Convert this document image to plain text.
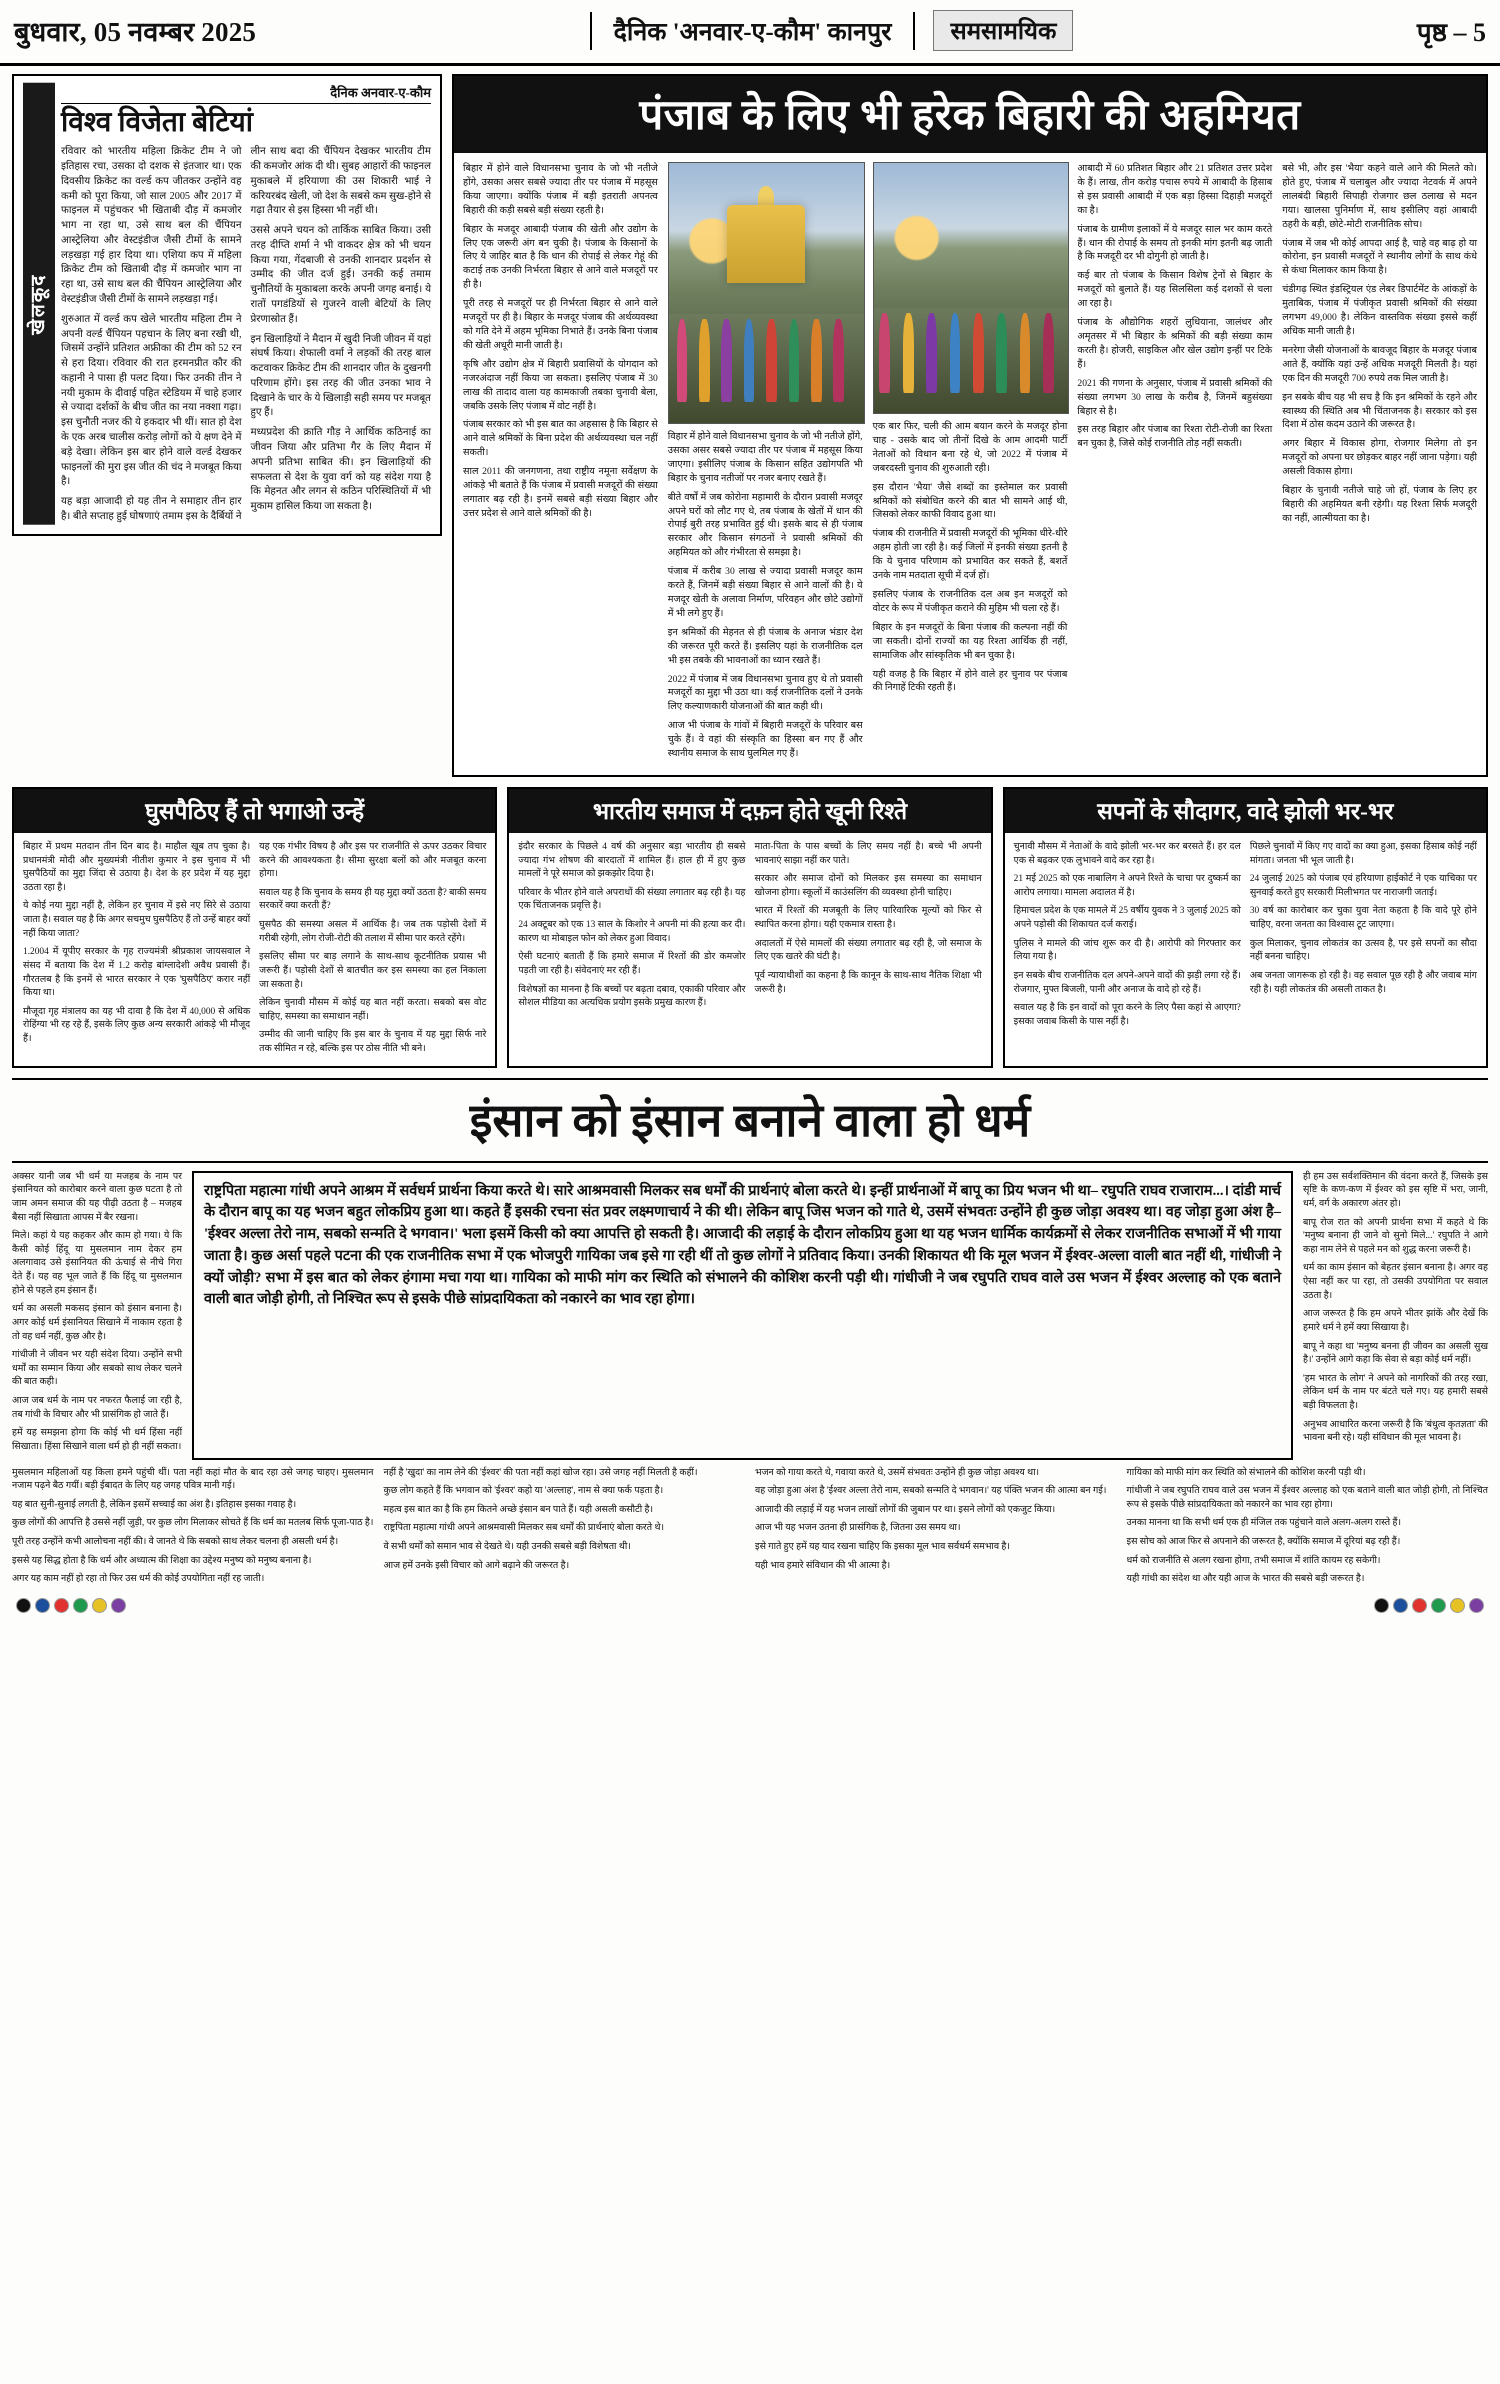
बुधवार, 05 नवम्बर 2025	दैनिक 'अनवार-ए-कौम' कानपुर	समसामयिक	पृष्ठ – 5
खेलकूद
दैनिक अनवार-ए-कौम
विश्व विजेता बेटियां

रविवार को भारतीय महिला क्रिकेट टीम ने जो इतिहास रचा, उसका दो दशक से इंतजार था। एक दिवसीय क्रिकेट का वर्ल्ड कप जीतकर उन्होंने वह कमी को पूरा किया, जो साल 2005 और 2017 में फाइनल में पहुंचकर भी खिताबी दौड़ में कमजोर भाग ना रहा था, उसे साथ बल की चैंपियन आस्ट्रेलिया और वेस्टइंडीज जैसी टीमों के सामने लड़खड़ा गई हार दिया था। एशिया कप में महिला क्रिकेट टीम को खिताबी दौड़ में कमजोर भाग ना रहा था, उसे साथ बल की चैंपियन आस्ट्रेलिया और वेस्टइंडीज जैसी टीमों के सामने लड़खड़ा गई।

शुरुआत में वर्ल्ड कप खेले भारतीय महिला टीम ने अपनी वर्ल्ड चैंपियन पहचान के लिए बना रखी थी, जिसमें उन्होंने प्रतिशत अफ्रीका की टीम को 52 रन से हरा दिया। रविवार की रात हरमनप्रीत कौर की कहानी ने पासा ही पलट दिया। फिर उनकी तीन ने नयी मुकाम के दीवाई पहित स्टेडियम में चाहे हजार से ज्यादा दर्शकों के बीच जीत का नया नक्शा गढ़ा। इस चुनौती नजर की ये हकदार भी थीं। सात हो देश के एक अरब चालीस करोड़ लोगों को ये क्षण देने में बड़े देखा। लेकिन इस बार होने वाले वर्ल्ड देखकर फाइनलों की मुरा इस जीत की चंद ने मजबूत किया है।

यह बड़ा आजादी हो यह तीन ने समाहार तीन हार है। बीते सप्ताह हुई घोषणाएं तमाम इस के दैर्बियों ने लीन साथ बदा की चैंपियन देखकर भारतीय टीम की कमजोर आंक दी थी। सुबह आहारों की फाइनल मुकाबले में हरियाणा की उस शिकारी भाई ने करियरबंद खेली, जो देश के सबसे कम सुख-होने से गढ़ा तैयार से इस हिस्सा भी नहीं थी।

उससे अपने चयन को तार्किक साबित किया। उसी तरह दीप्ति शर्मा ने भी वाकदर क्षेत्र को भी चयन किया गया, गेंदबाजी से उनकी शानदार प्रदर्शन से उम्मीद की जीत दर्ज हुई। उनकी कई तमाम चुनौतियों के मुकाबला करके अपनी जगह बनाई। ये रातों पगडंडियों से गुजरने वाली बेटियों के लिए प्रेरणास्रोत हैं।

इन खिलाड़ियों ने मैदान में खुदी निजी जीवन में यहां संघर्ष किया। शेफाली वर्मा ने लड़कों की तरह बाल कटवाकर क्रिकेट टीम की शानदार जीत के दुखनगी परिणाम होंगे। इस तरह की जीत उनका भाव ने दिखाने के चार के ये खिलाड़ी सही समय पर मजबूत हुए हैं।

मध्यप्रदेश की क्राति गौड़ ने आर्थिक कठिनाई का जीवन जिया और प्रतिभा गैर के लिए मैदान में अपनी प्रतिभा साबित की। इन खिलाड़ियों की सफलता से देश के युवा वर्ग को यह संदेश गया है कि मेहनत और लगन से कठिन परिस्थितियों में भी मुकाम हासिल किया जा सकता है।

पंजाब के लिए भी हरेक बिहारी की अहमियत

बिहार में होने वाले विधानसभा चुनाव के जो भी नतीजे होंगे, उसका असर सबसे ज्यादा तीर पर पंजाब में महसूस किया जाएगा। क्योंकि पंजाब में बड़ी इतराती अपनत्व बिहारी की कड़ी सबसे बड़ी संख्या रहती है।

बिहार के मजदूर आबादी पंजाब की खेती और उद्योग के लिए एक जरूरी अंग बन चुकी है। पंजाब के किसानों के लिए ये जाहिर बात है कि धान की रोपाई से लेकर गेहूं की कटाई तक उनकी निर्भरता बिहार से आने वाले मजदूरों पर ही है।

पूरी तरह से मजदूरों पर ही निर्भरता बिहार से आने वाले मजदूरों पर ही है। बिहार के मजदूर पंजाब की अर्थव्यवस्था को गति देने में अहम भूमिका निभाते हैं। उनके बिना पंजाब की खेती अधूरी मानी जाती है।

कृषि और उद्योग क्षेत्र में बिहारी प्रवासियों के योगदान को नजरअंदाज नहीं किया जा सकता। इसलिए पंजाब में 30 लाख की तादाद वाला यह कामकाजी तबका चुनावी बेला, जबकि उसके लिए पंजाब में वोट नहीं है।

पंजाब सरकार को भी इस बात का अहसास है कि बिहार से आने वाले श्रमिकों के बिना प्रदेश की अर्थव्यवस्था चल नहीं सकती।

साल 2011 की जनगणना, तथा राष्ट्रीय नमूना सर्वेक्षण के आंकड़े भी बताते हैं कि पंजाब में प्रवासी मजदूरों की संख्या लगातार बढ़ रही है। इनमें सबसे बड़ी संख्या बिहार और उत्तर प्रदेश से आने वाले श्रमिकों की है।

विहार में होने वाले विधानसभा चुनाव के जो भी नतीजे होंगे, उसका असर सबसे ज्यादा तीर पर पंजाब में महसूस किया जाएगा। इसीलिए पंजाब के किसान सहित उद्योगपति भी बिहार के चुनाव नतीजों पर नजर बनाए रखते हैं।

बीते वर्षों में जब कोरोना महामारी के दौरान प्रवासी मजदूर अपने घरों को लौट गए थे, तब पंजाब के खेतों में धान की रोपाई बुरी तरह प्रभावित हुई थी। इसके बाद से ही पंजाब सरकार और किसान संगठनों ने प्रवासी श्रमिकों की अहमियत को और गंभीरता से समझा है।

पंजाब में करीब 30 लाख से ज्यादा प्रवासी मजदूर काम करते हैं, जिनमें बड़ी संख्या बिहार से आने वालों की है। ये मजदूर खेती के अलावा निर्माण, परिवहन और छोटे उद्योगों में भी लगे हुए हैं।

इन श्रमिकों की मेहनत से ही पंजाब के अनाज भंडार देश की जरूरत पूरी करते हैं। इसलिए यहां के राजनीतिक दल भी इस तबके की भावनाओं का ध्यान रखते हैं।

2022 में पंजाब में जब विधानसभा चुनाव हुए थे तो प्रवासी मजदूरों का मुद्दा भी उठा था। कई राजनीतिक दलों ने उनके लिए कल्याणकारी योजनाओं की बात कही थी।

आज भी पंजाब के गांवों में बिहारी मजदूरों के परिवार बस चुके हैं। वे वहां की संस्कृति का हिस्सा बन गए हैं और स्थानीय समाज के साथ घुलमिल गए हैं।

एक बार फिर, चली की आम बयान करने के मजदूर होना चाह - उसके बाद जो तीनों दिखे के आम आदमी पार्टी नेताओं को विधान बना रहे थे, जो 2022 में पंजाब में जबरदस्ती चुनाव की शुरुआती रही।

इस दौरान 'भैया' जैसे शब्दों का इस्तेमाल कर प्रवासी श्रमिकों को संबोधित करने की बात भी सामने आई थी, जिसको लेकर काफी विवाद हुआ था।

पंजाब की राजनीति में प्रवासी मजदूरों की भूमिका धीरे-धीरे अहम होती जा रही है। कई जिलों में इनकी संख्या इतनी है कि ये चुनाव परिणाम को प्रभावित कर सकते हैं, बशर्ते उनके नाम मतदाता सूची में दर्ज हों।

इसलिए पंजाब के राजनीतिक दल अब इन मजदूरों को वोटर के रूप में पंजीकृत कराने की मुहिम भी चला रहे हैं।

बिहार के इन मजदूरों के बिना पंजाब की कल्पना नहीं की जा सकती। दोनों राज्यों का यह रिश्ता आर्थिक ही नहीं, सामाजिक और सांस्कृतिक भी बन चुका है।

यही वजह है कि बिहार में होने वाले हर चुनाव पर पंजाब की निगाहें टिकी रहती हैं।

आबादी में 60 प्रतिशत बिहार और 21 प्रतिशत उत्तर प्रदेश के हैं। लाख, तीन करोड़ पचास रुपये में आबादी के हिसाब से इस प्रवासी आबादी में एक बड़ा हिस्सा दिहाड़ी मजदूरों का है।

पंजाब के ग्रामीण इलाकों में ये मजदूर साल भर काम करते हैं। धान की रोपाई के समय तो इनकी मांग इतनी बढ़ जाती है कि मजदूरी दर भी दोगुनी हो जाती है।

कई बार तो पंजाब के किसान विशेष ट्रेनों से बिहार के मजदूरों को बुलाते हैं। यह सिलसिला कई दशकों से चला आ रहा है।

पंजाब के औद्योगिक शहरों लुधियाना, जालंधर और अमृतसर में भी बिहार के श्रमिकों की बड़ी संख्या काम करती है। होजरी, साइकिल और खेल उद्योग इन्हीं पर टिके हैं।

2021 की गणना के अनुसार, पंजाब में प्रवासी श्रमिकों की संख्या लगभग 30 लाख के करीब है, जिनमें बहुसंख्या बिहार से है।

इस तरह बिहार और पंजाब का रिश्ता रोटी-रोजी का रिश्ता बन चुका है, जिसे कोई राजनीति तोड़ नहीं सकती।

बसे भी, और इस 'भैया' कहने वाले आने की मिलते को। होते हुए, पंजाब में चलाबुल और ज्यादा नेटवर्क में अपने लालबंदी बिहारी सिपाही रोजगार छल ठलाख से मदन गया। खालसा पुनिर्माण में, साथ इसीलिए वहां आबादी ठहरी के बड़ी, छोटे-मोटी राजनीतिक सोच।

पंजाब में जब भी कोई आपदा आई है, चाहे वह बाढ़ हो या कोरोना, इन प्रवासी मजदूरों ने स्थानीय लोगों के साथ कंधे से कंधा मिलाकर काम किया है।

चंडीगढ़ स्थित इंडस्ट्रियल एंड लेबर डिपार्टमेंट के आंकड़ों के मुताबिक, पंजाब में पंजीकृत प्रवासी श्रमिकों की संख्या लगभग 49,000 है। लेकिन वास्तविक संख्या इससे कहीं अधिक मानी जाती है।

मनरेगा जैसी योजनाओं के बावजूद बिहार के मजदूर पंजाब आते हैं, क्योंकि यहां उन्हें अधिक मजदूरी मिलती है। यहां एक दिन की मजदूरी 700 रुपये तक मिल जाती है।

इन सबके बीच यह भी सच है कि इन श्रमिकों के रहने और स्वास्थ्य की स्थिति अब भी चिंताजनक है। सरकार को इस दिशा में ठोस कदम उठाने की जरूरत है।

अगर बिहार में विकास होगा, रोजगार मिलेगा तो इन मजदूरों को अपना घर छोड़कर बाहर नहीं जाना पड़ेगा। यही असली विकास होगा।

बिहार के चुनावी नतीजे चाहे जो हों, पंजाब के लिए हर बिहारी की अहमियत बनी रहेगी। यह रिश्ता सिर्फ मजदूरी का नहीं, आत्मीयता का है।

घुसपैठिए हैं तो भगाओ उन्हें

बिहार में प्रथम मतदान तीन दिन बाद है। माहौल खूब तप चुका है। प्रधानमंत्री मोदी और मुख्यमंत्री नीतीश कुमार ने इस चुनाव में भी घुसपैठियों का मुद्दा जिंदा से उठाया है। देश के हर प्रदेश में यह मुद्दा उठता रहा है।

ये कोई नया मुद्दा नहीं है, लेकिन हर चुनाव में इसे नए सिरे से उठाया जाता है। सवाल यह है कि अगर सचमुच घुसपैठिए हैं तो उन्हें बाहर क्यों नहीं किया जाता?

1.2004 में यूपीए सरकार के गृह राज्यमंत्री श्रीप्रकाश जायसवाल ने संसद में बताया कि देश में 1.2 करोड़ बांग्लादेशी अवैध प्रवासी हैं। गौरतलब है कि इनमें से भारत सरकार ने एक 'घुसपैठिए' करार नहीं किया था।

मौजूदा गृह मंत्रालय का यह भी दावा है कि देश में 40,000 से अधिक रोहिंग्या भी रह रहे हैं, इसके लिए कुछ अन्य सरकारी आंकड़े भी मौजूद हैं।

यह एक गंभीर विषय है और इस पर राजनीति से ऊपर उठकर विचार करने की आवश्यकता है। सीमा सुरक्षा बलों को और मजबूत करना होगा।

सवाल यह है कि चुनाव के समय ही यह मुद्दा क्यों उठता है? बाकी समय सरकारें क्या करती हैं?

घुसपैठ की समस्या असल में आर्थिक है। जब तक पड़ोसी देशों में गरीबी रहेगी, लोग रोजी-रोटी की तलाश में सीमा पार करते रहेंगे।

इसलिए सीमा पर बाड़ लगाने के साथ-साथ कूटनीतिक प्रयास भी जरूरी हैं। पड़ोसी देशों से बातचीत कर इस समस्या का हल निकाला जा सकता है।

लेकिन चुनावी मौसम में कोई यह बात नहीं करता। सबको बस वोट चाहिए, समस्या का समाधान नहीं।

उम्मीद की जानी चाहिए कि इस बार के चुनाव में यह मुद्दा सिर्फ नारे तक सीमित न रहे, बल्कि इस पर ठोस नीति भी बने।

भारतीय समाज में दफ़न होते खूनी रिश्ते

इंदौर सरकार के पिछले 4 वर्ष की अनुसार बड़ा भारतीय ही सबसे ज्यादा गंभ शोषण की बारदातों में शामिल हैं। हाल ही में हुए कुछ मामलों ने पूरे समाज को झकझोर दिया है।

परिवार के भीतर होने वाले अपराधों की संख्या लगातार बढ़ रही है। यह एक चिंताजनक प्रवृत्ति है।

24 अक्टूबर को एक 13 साल के किशोर ने अपनी मां की हत्या कर दी। कारण था मोबाइल फोन को लेकर हुआ विवाद।

ऐसी घटनाएं बताती हैं कि हमारे समाज में रिश्तों की डोर कमजोर पड़ती जा रही है। संवेदनाएं मर रही हैं।

विशेषज्ञों का मानना है कि बच्चों पर बढ़ता दबाव, एकाकी परिवार और सोशल मीडिया का अत्यधिक प्रयोग इसके प्रमुख कारण हैं।

माता-पिता के पास बच्चों के लिए समय नहीं है। बच्चे भी अपनी भावनाएं साझा नहीं कर पाते।

सरकार और समाज दोनों को मिलकर इस समस्या का समाधान खोजना होगा। स्कूलों में काउंसलिंग की व्यवस्था होनी चाहिए।

भारत में रिश्तों की मजबूती के लिए पारिवारिक मूल्यों को फिर से स्थापित करना होगा। यही एकमात्र रास्ता है।

अदालतों में ऐसे मामलों की संख्या लगातार बढ़ रही है, जो समाज के लिए एक खतरे की घंटी है।

पूर्व न्यायाधीशों का कहना है कि कानून के साथ-साथ नैतिक शिक्षा भी जरूरी है।

सपनों के सौदागर, वादे झोली भर-भर

चुनावी मौसम में नेताओं के वादे झोली भर-भर कर बरसते हैं। हर दल एक से बढ़कर एक लुभावने वादे कर रहा है।

21 मई 2025 को एक नाबालिग ने अपने रिश्ते के चाचा पर दुष्कर्म का आरोप लगाया। मामला अदालत में है।

हिमाचल प्रदेश के एक मामले में 25 वर्षीय युवक ने 3 जुलाई 2025 को अपने पड़ोसी की शिकायत दर्ज कराई।

पुलिस ने मामले की जांच शुरू कर दी है। आरोपी को गिरफ्तार कर लिया गया है।

इन सबके बीच राजनीतिक दल अपने-अपने वादों की झड़ी लगा रहे हैं। रोजगार, मुफ्त बिजली, पानी और अनाज के वादे हो रहे हैं।

सवाल यह है कि इन वादों को पूरा करने के लिए पैसा कहां से आएगा? इसका जवाब किसी के पास नहीं है।

पिछले चुनावों में किए गए वादों का क्या हुआ, इसका हिसाब कोई नहीं मांगता। जनता भी भूल जाती है।

24 जुलाई 2025 को पंजाब एवं हरियाणा हाईकोर्ट ने एक याचिका पर सुनवाई करते हुए सरकारी मिलीभगत पर नाराजगी जताई।

30 वर्ष का कारोबार कर चुका युवा नेता कहता है कि वादे पूरे होने चाहिए, वरना जनता का विश्वास टूट जाएगा।

कुल मिलाकर, चुनाव लोकतंत्र का उत्सव है, पर इसे सपनों का सौदा नहीं बनना चाहिए।

अब जनता जागरूक हो रही है। वह सवाल पूछ रही है और जवाब मांग रही है। यही लोकतंत्र की असली ताकत है।

इंसान को इंसान बनाने वाला हो धर्म

अक्सर यानी जब भी धर्म या मजहब के नाम पर इंसानियत को कारोबार करने वाला कुछ घटता है तो जाम अमन समाज की यह पीढ़ी उठता है – मजहब बैसा नहीं सिखाता आपस में बैर रखना।

मिले। कहां ये यह कहकर और काम हो गया। ये कि कैसी कोई हिंदू या मुसलमान नाम देकर हम अलगावाद उसे इंसानियत की ऊंचाई से नीचे गिरा देते हैं। यह वह भूल जाते हैं कि हिंदू या मुसलमान होने से पहले हम इंसान हैं।

धर्म का असली मकसद इंसान को इंसान बनाना है। अगर कोई धर्म इंसानियत सिखाने में नाकाम रहता है तो वह धर्म नहीं, कुछ और है।

गांधीजी ने जीवन भर यही संदेश दिया। उन्होंने सभी धर्मों का सम्मान किया और सबको साथ लेकर चलने की बात कही।

आज जब धर्म के नाम पर नफरत फैलाई जा रही है, तब गांधी के विचार और भी प्रासंगिक हो जाते हैं।

हमें यह समझना होगा कि कोई भी धर्म हिंसा नहीं सिखाता। हिंसा सिखाने वाला धर्म हो ही नहीं सकता।

राष्ट्रपिता महात्मा गांधी अपने आश्रम में सर्वधर्म प्रार्थना किया करते थे। सारे आश्रमवासी मिलकर सब धर्मों की प्रार्थनाएं बोला करते थे। इन्हीं प्रार्थनाओं में बापू का प्रिय भजन भी था– रघुपति राघव राजाराम...। दांडी मार्च के दौरान बापू का यह भजन बहुत लोकप्रिय हुआ था। कहते हैं इसकी रचना संत प्रवर लक्ष्मणाचार्य ने की थी। लेकिन बापू जिस भजन को गाते थे, उसमें संभवतः उन्होंने ही कुछ जोड़ा अवश्य था। वह जोड़ा हुआ अंश है– 'ईश्वर अल्ला तेरो नाम, सबको सन्मति दे भगवान।' भला इसमें किसी को क्या आपत्ति हो सकती है। आजादी की लड़ाई के दौरान लोकप्रिय हुआ था यह भजन धार्मिक कार्यक्रमों से लेकर राजनीतिक सभाओं में भी गाया जाता है। कुछ अर्सा पहले पटना की एक राजनीतिक सभा में एक भोजपुरी गायिका जब इसे गा रही थीं तो कुछ लोगों ने प्रतिवाद किया। उनकी शिकायत थी कि मूल भजन में ईश्वर-अल्ला वाली बात नहीं थी, गांधीजी ने क्यों जोड़ी? सभा में इस बात को लेकर हंगामा मचा गया था। गायिका को माफी मांग कर स्थिति को संभालने की कोशिश करनी पड़ी थी। गांधीजी ने जब रघुपति राघव वाले उस भजन में ईश्वर अल्लाह को एक बताने वाली बात जोड़ी होगी, तो निश्चित रूप से इसके पीछे सांप्रदायिकता को नकारने का भाव रहा होगा।

ही हम उस सर्वशक्तिमान की वंदना करते हैं, जिसके इस सृष्टि के कण-कण में ईश्वर को इस सृष्टि में भरा, जानी, धर्म, वर्ग के अकारण अंतर हो।

बापू रोज रात को अपनी प्रार्थना सभा में कहते थे कि 'मनुष्य बनाना ही जाने वो सुनो मिले...' रघुपति ने आगे कहा नाम लेने से पहले मन को शुद्ध करना जरूरी है।

धर्म का काम इंसान को बेहतर इंसान बनाना है। अगर वह ऐसा नहीं कर पा रहा, तो उसकी उपयोगिता पर सवाल उठता है।

आज जरूरत है कि हम अपने भीतर झांकें और देखें कि हमारे धर्म ने हमें क्या सिखाया है।

बापू ने कहा था 'मनुष्य बनना ही जीवन का असली सुख है।' उन्होंने आगे कहा कि सेवा से बड़ा कोई धर्म नहीं।

'हम भारत के लोग' ने अपने को नागरिकों की तरह रखा, लेकिन धर्म के नाम पर बंटते चले गए। यह हमारी सबसे बड़ी विफलता है।

अनुभव आधारित करना जरूरी है कि 'बंधुत्व कृतज्ञता' की भावना बनी रहे। यही संविधान की मूल भावना है।

मुसलमान महिलाओं यह किला हमने पहुंची थीं। पता नहीं कहां मौत के बाद रहा उसे जगह चाहए। मुसलमान नजाम पढ़ने बैठ गयीं। बड़ी ईबादत के लिए यह जगह पवित्र मानी गई।

यह बात सुनी-सुनाई लगती है, लेकिन इसमें सच्चाई का अंश है। इतिहास इसका गवाह है।

कुछ लोगों की आपत्ति है उससे नहीं जुड़ी, पर कुछ लोग मिलाकर सोचते हैं कि धर्म का मतलब सिर्फ पूजा-पाठ है।

पूरी तरह उन्होंने कभी आलोचना नहीं की। वे जानते थे कि सबको साथ लेकर चलना ही असली धर्म है।

इससे यह सिद्ध होता है कि धर्म और अध्यात्म की शिक्षा का उद्देश्य मनुष्य को मनुष्य बनाना है।

अगर यह काम नहीं हो रहा तो फिर उस धर्म की कोई उपयोगिता नहीं रह जाती।

नहीं है 'खुदा' का नाम लेने की 'ईश्वर' की पता नहीं कहां खोज रहा। उसे जगह नहीं मिलती है कहीं।

कुछ लोग कहते हैं कि भगवान को 'ईश्वर' कहो या 'अल्लाह', नाम से क्या फर्क पड़ता है।

महत्व इस बात का है कि हम कितने अच्छे इंसान बन पाते हैं। यही असली कसौटी है।

राष्ट्रपिता महात्मा गांधी अपने आश्रमवासी मिलकर सब धर्मों की प्रार्थनाएं बोला करते थे।

वे सभी धर्मों को समान भाव से देखते थे। यही उनकी सबसे बड़ी विशेषता थी।

आज हमें उनके इसी विचार को आगे बढ़ाने की जरूरत है।

भजन को गाया करते थे, गवाया करते थे, उसमें संभवतः उन्होंने ही कुछ जोड़ा अवश्य था।

वह जोड़ा हुआ अंश है 'ईश्वर अल्ला तेरो नाम, सबको सन्मति दे भगवान।' यह पंक्ति भजन की आत्मा बन गई।

आजादी की लड़ाई में यह भजन लाखों लोगों की जुबान पर था। इसने लोगों को एकजुट किया।

आज भी यह भजन उतना ही प्रासंगिक है, जितना उस समय था।

इसे गाते हुए हमें यह याद रखना चाहिए कि इसका मूल भाव सर्वधर्म समभाव है।

यही भाव हमारे संविधान की भी आत्मा है।

गायिका को माफी मांग कर स्थिति को संभालने की कोशिश करनी पड़ी थी।

गांधीजी ने जब रघुपति राघव वाले उस भजन में ईश्वर अल्लाह को एक बताने वाली बात जोड़ी होगी, तो निश्चित रूप से इसके पीछे सांप्रदायिकता को नकारने का भाव रहा होगा।

उनका मानना था कि सभी धर्म एक ही मंजिल तक पहुंचाने वाले अलग-अलग रास्ते हैं।

इस सोच को आज फिर से अपनाने की जरूरत है, क्योंकि समाज में दूरियां बढ़ रही हैं।

धर्म को राजनीति से अलग रखना होगा, तभी समाज में शांति कायम रह सकेगी।

यही गांधी का संदेश था और यही आज के भारत की सबसे बड़ी जरूरत है।
